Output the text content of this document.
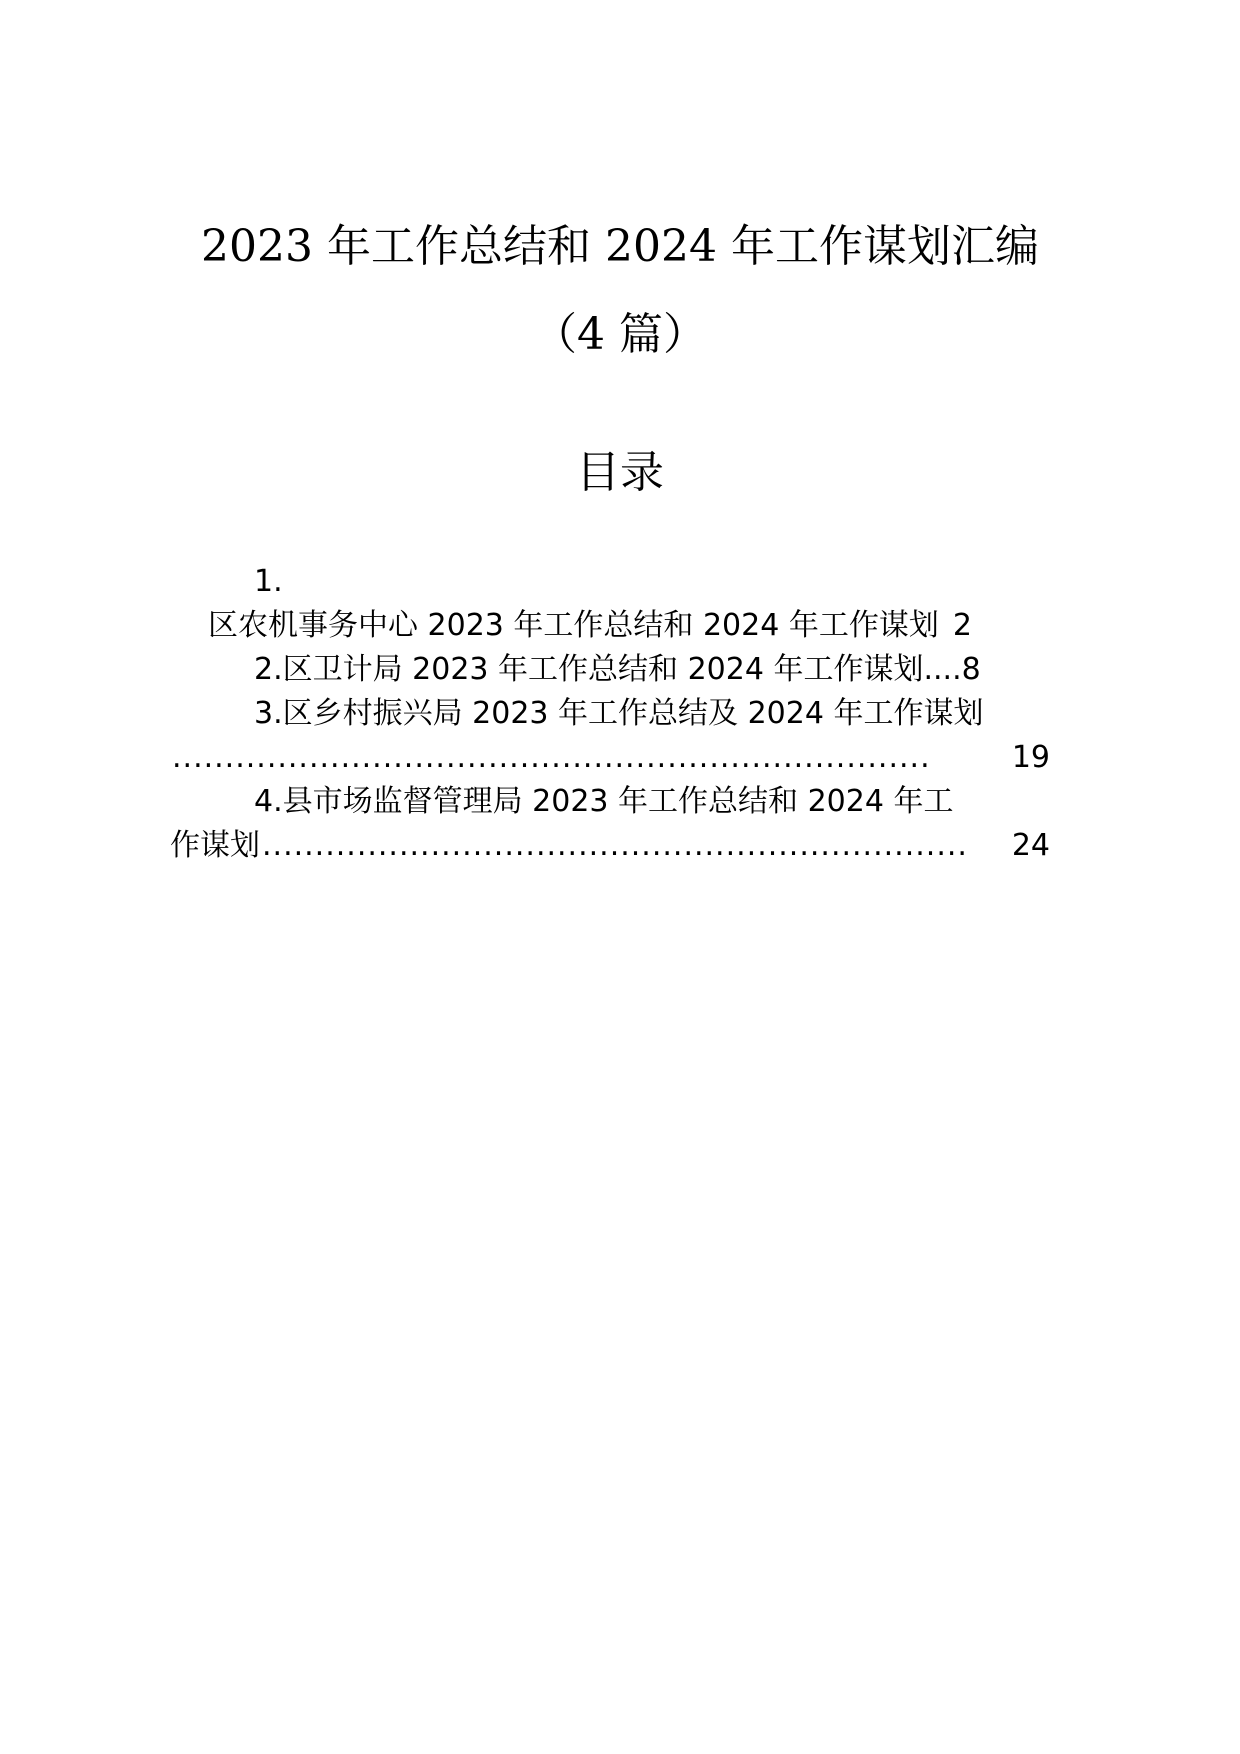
2023 年工作总结和 2024 年工作谋划汇编
（4 篇）
目录
1.
区农机事务中心 2023 年工作总结和 2024 年工作谋划 2
2. 区卫计局 2023 年工作总结和 2024 年工作谋划 .... 8
3. 区乡村振兴局 2023 年工作总结及 2024 年工作谋划
........................................................................	19
4. 县市场监督管理局 2023 年工作总结和 2024 年工
作谋划 ...................................................................	24
